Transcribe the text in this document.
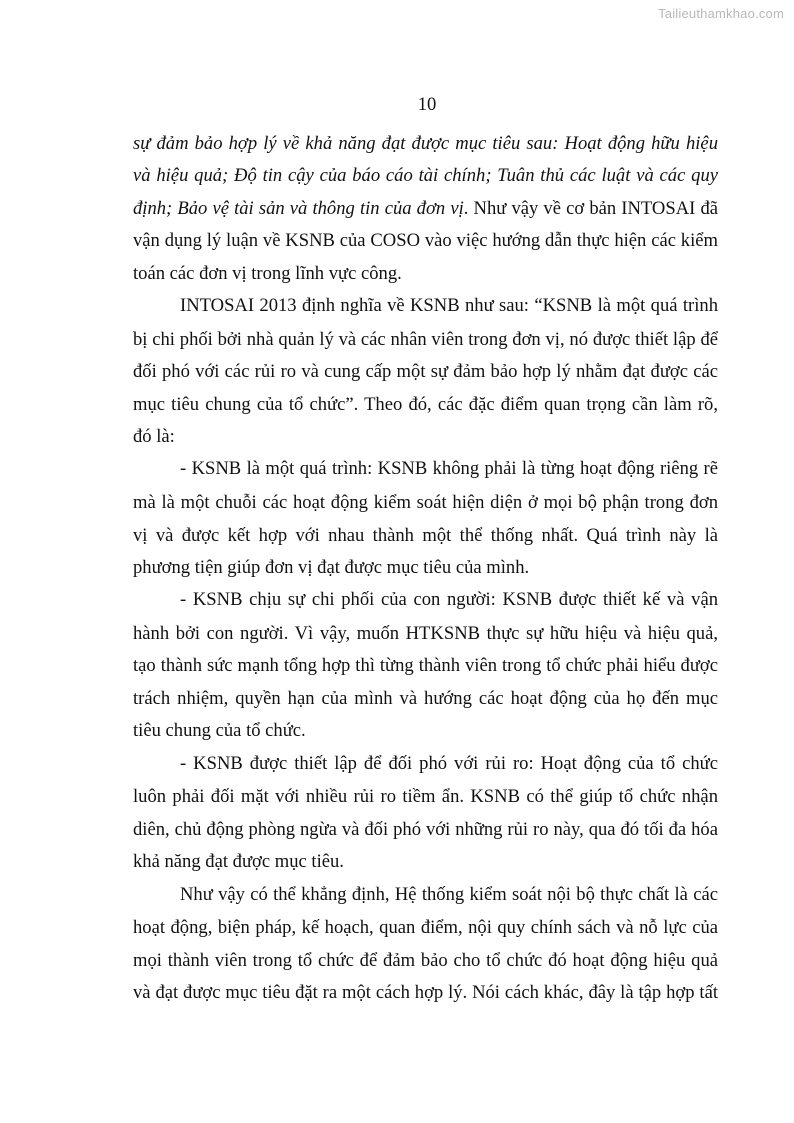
Tailieuthamkhao.com
10
sự đảm bảo hợp lý về khả năng đạt được mục tiêu sau: Hoạt động hữu hiệu
và hiệu quả; Độ tin cậy của báo cáo tài chính; Tuân thủ các luật và các quy
định; Bảo vệ tài sản và thông tin của đơn vị. Như vậy về cơ bản INTOSAI đã
vận dụng lý luận về KSNB của COSO vào việc hướng dẫn thực hiện các kiểm
toán các đơn vị trong lĩnh vực công.
INTOSAI 2013 định nghĩa về KSNB như sau: “KSNB là một quá trình
bị chi phối bởi nhà quản lý và các nhân viên trong đơn vị, nó được thiết lập để
đối phó với các rủi ro và cung cấp một sự đảm bảo hợp lý nhằm đạt được các
mục tiêu chung của tổ chức”. Theo đó, các đặc điểm quan trọng cần làm rõ,
đó là:
- KSNB là một quá trình: KSNB không phải là từng hoạt động riêng rẽ
mà là một chuỗi các hoạt động kiểm soát hiện diện ở mọi bộ phận trong đơn
vị và được kết hợp với nhau thành một thể thống nhất. Quá trình này là
phương tiện giúp đơn vị đạt được mục tiêu của mình.
- KSNB chịu sự chi phối của con người: KSNB được thiết kế và vận
hành bởi con người. Vì vậy, muốn HTKSNB thực sự hữu hiệu và hiệu quả,
tạo thành sức mạnh tổng hợp thì từng thành viên trong tổ chức phải hiểu được
trách nhiệm, quyền hạn của mình và hướng các hoạt động của họ đến mục
tiêu chung của tổ chức.
- KSNB được thiết lập để đối phó với rủi ro: Hoạt động của tổ chức
luôn phải đối mặt với nhiều rủi ro tiềm ẩn. KSNB có thể giúp tổ chức nhận
diên, chủ động phòng ngừa và đối phó với những rủi ro này, qua đó tối đa hóa
khả năng đạt được mục tiêu.
Như vậy có thể khẳng định, Hệ thống kiểm soát nội bộ thực chất là các
hoạt động, biện pháp, kế hoạch, quan điểm, nội quy chính sách và nỗ lực của
mọi thành viên trong tổ chức để đảm bảo cho tổ chức đó hoạt động hiệu quả
và đạt được mục tiêu đặt ra một cách hợp lý. Nói cách khác, đây là tập hợp tất
